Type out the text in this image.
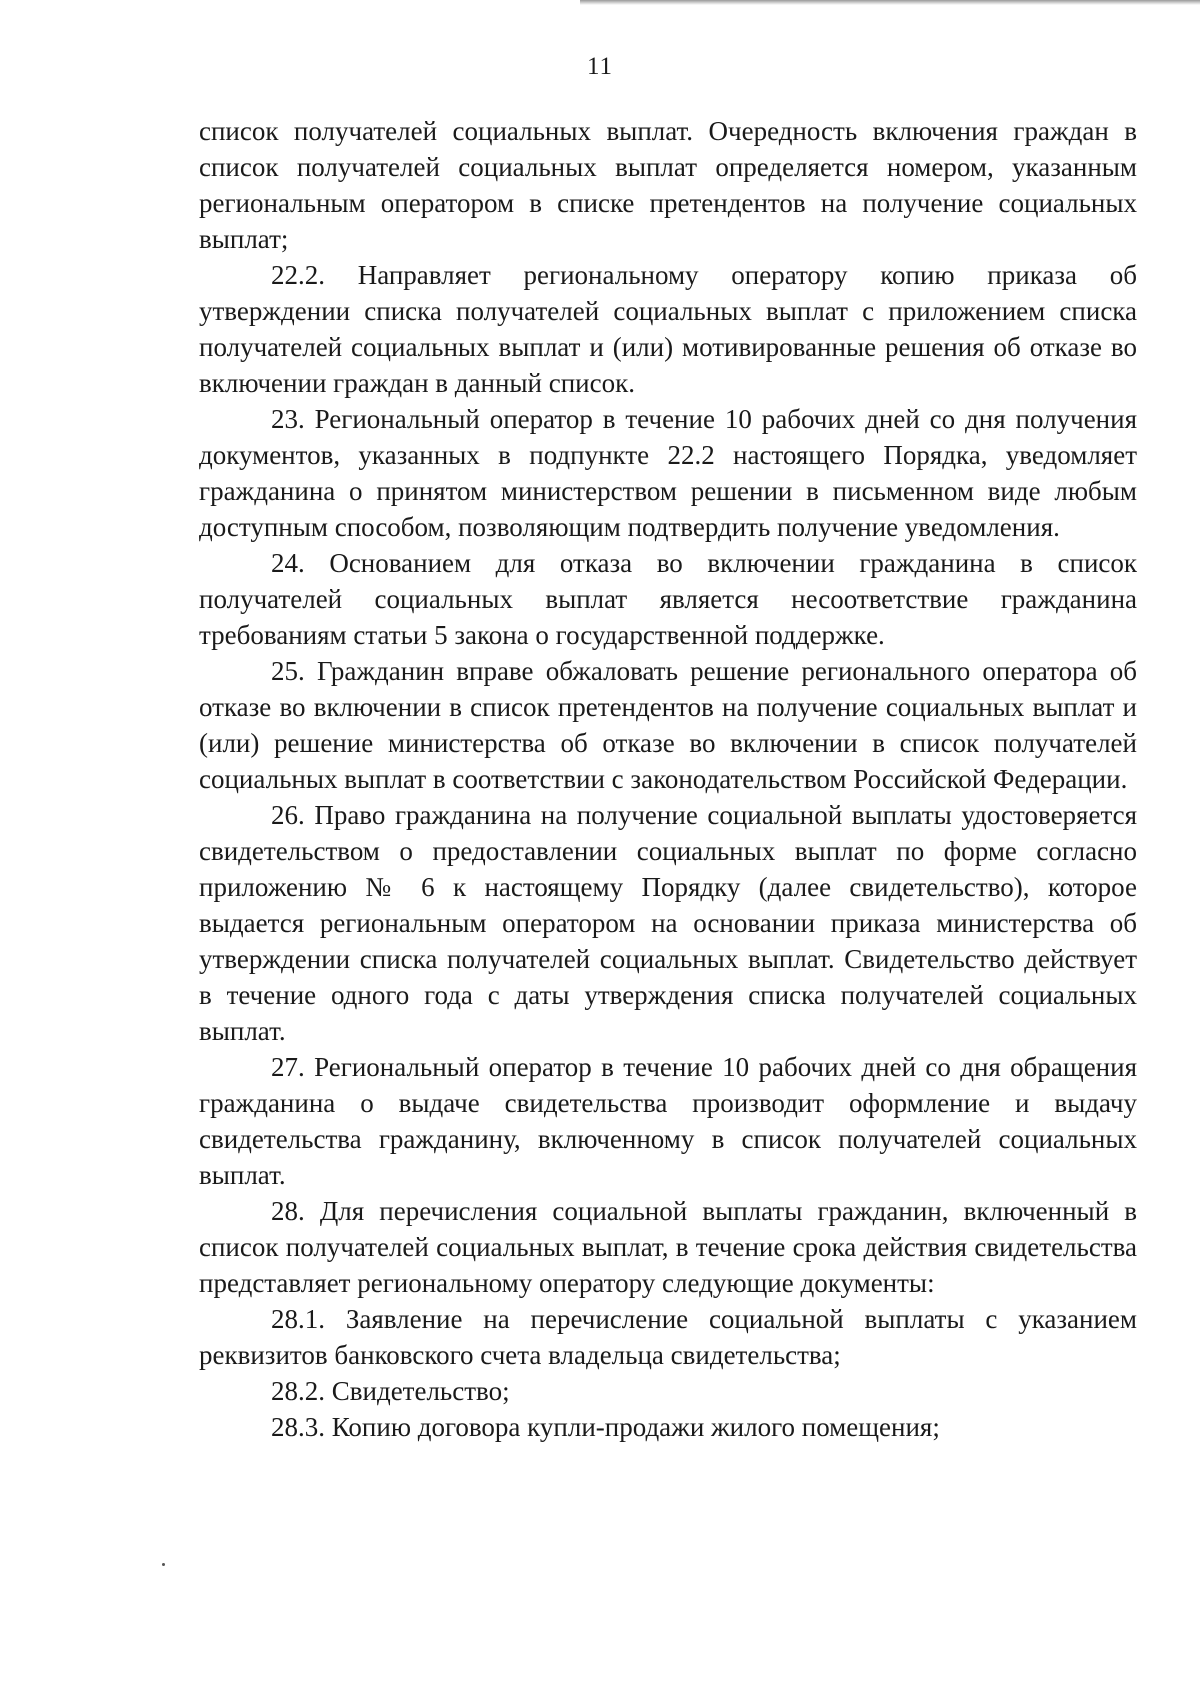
11

список получателей социальных выплат. Очередность включения граждан в список получателей социальных выплат определяется номером, указанным региональным оператором в списке претендентов на получение социальных выплат;

22.2. Направляет региональному оператору копию приказа об утверждении списка получателей социальных выплат с приложением списка получателей социальных выплат и (или) мотивированные решения об отказе во включении граждан в данный список.

23. Региональный оператор в течение 10 рабочих дней со дня получения документов, указанных в подпункте 22.2 настоящего Порядка, уведомляет гражданина о принятом министерством решении в письменном виде любым доступным способом, позволяющим подтвердить получение уведомления.

24. Основанием для отказа во включении гражданина в список получателей социальных выплат является несоответствие гражданина требованиям статьи 5 закона о государственной поддержке.

25. Гражданин вправе обжаловать решение регионального оператора об отказе во включении в список претендентов на получение социальных выплат и (или) решение министерства об отказе во включении в список получателей социальных выплат в соответствии с законодательством Российской Федерации.

26. Право гражданина на получение социальной выплаты удостоверяется свидетельством о предоставлении социальных выплат по форме согласно приложению № 6 к настоящему Порядку (далее свидетельство), которое выдается региональным оператором на основании приказа министерства об утверждении списка получателей социальных выплат. Свидетельство действует в течение одного года с даты утверждения списка получателей социальных выплат.

27. Региональный оператор в течение 10 рабочих дней со дня обращения гражданина о выдаче свидетельства производит оформление и выдачу свидетельства гражданину, включенному в список получателей социальных выплат.

28. Для перечисления социальной выплаты гражданин, включенный в список получателей социальных выплат, в течение срока действия свидетельства представляет региональному оператору следующие документы:

28.1. Заявление на перечисление социальной выплаты с указанием реквизитов банковского счета владельца свидетельства;

28.2. Свидетельство;

28.3. Копию договора купли-продажи жилого помещения;
